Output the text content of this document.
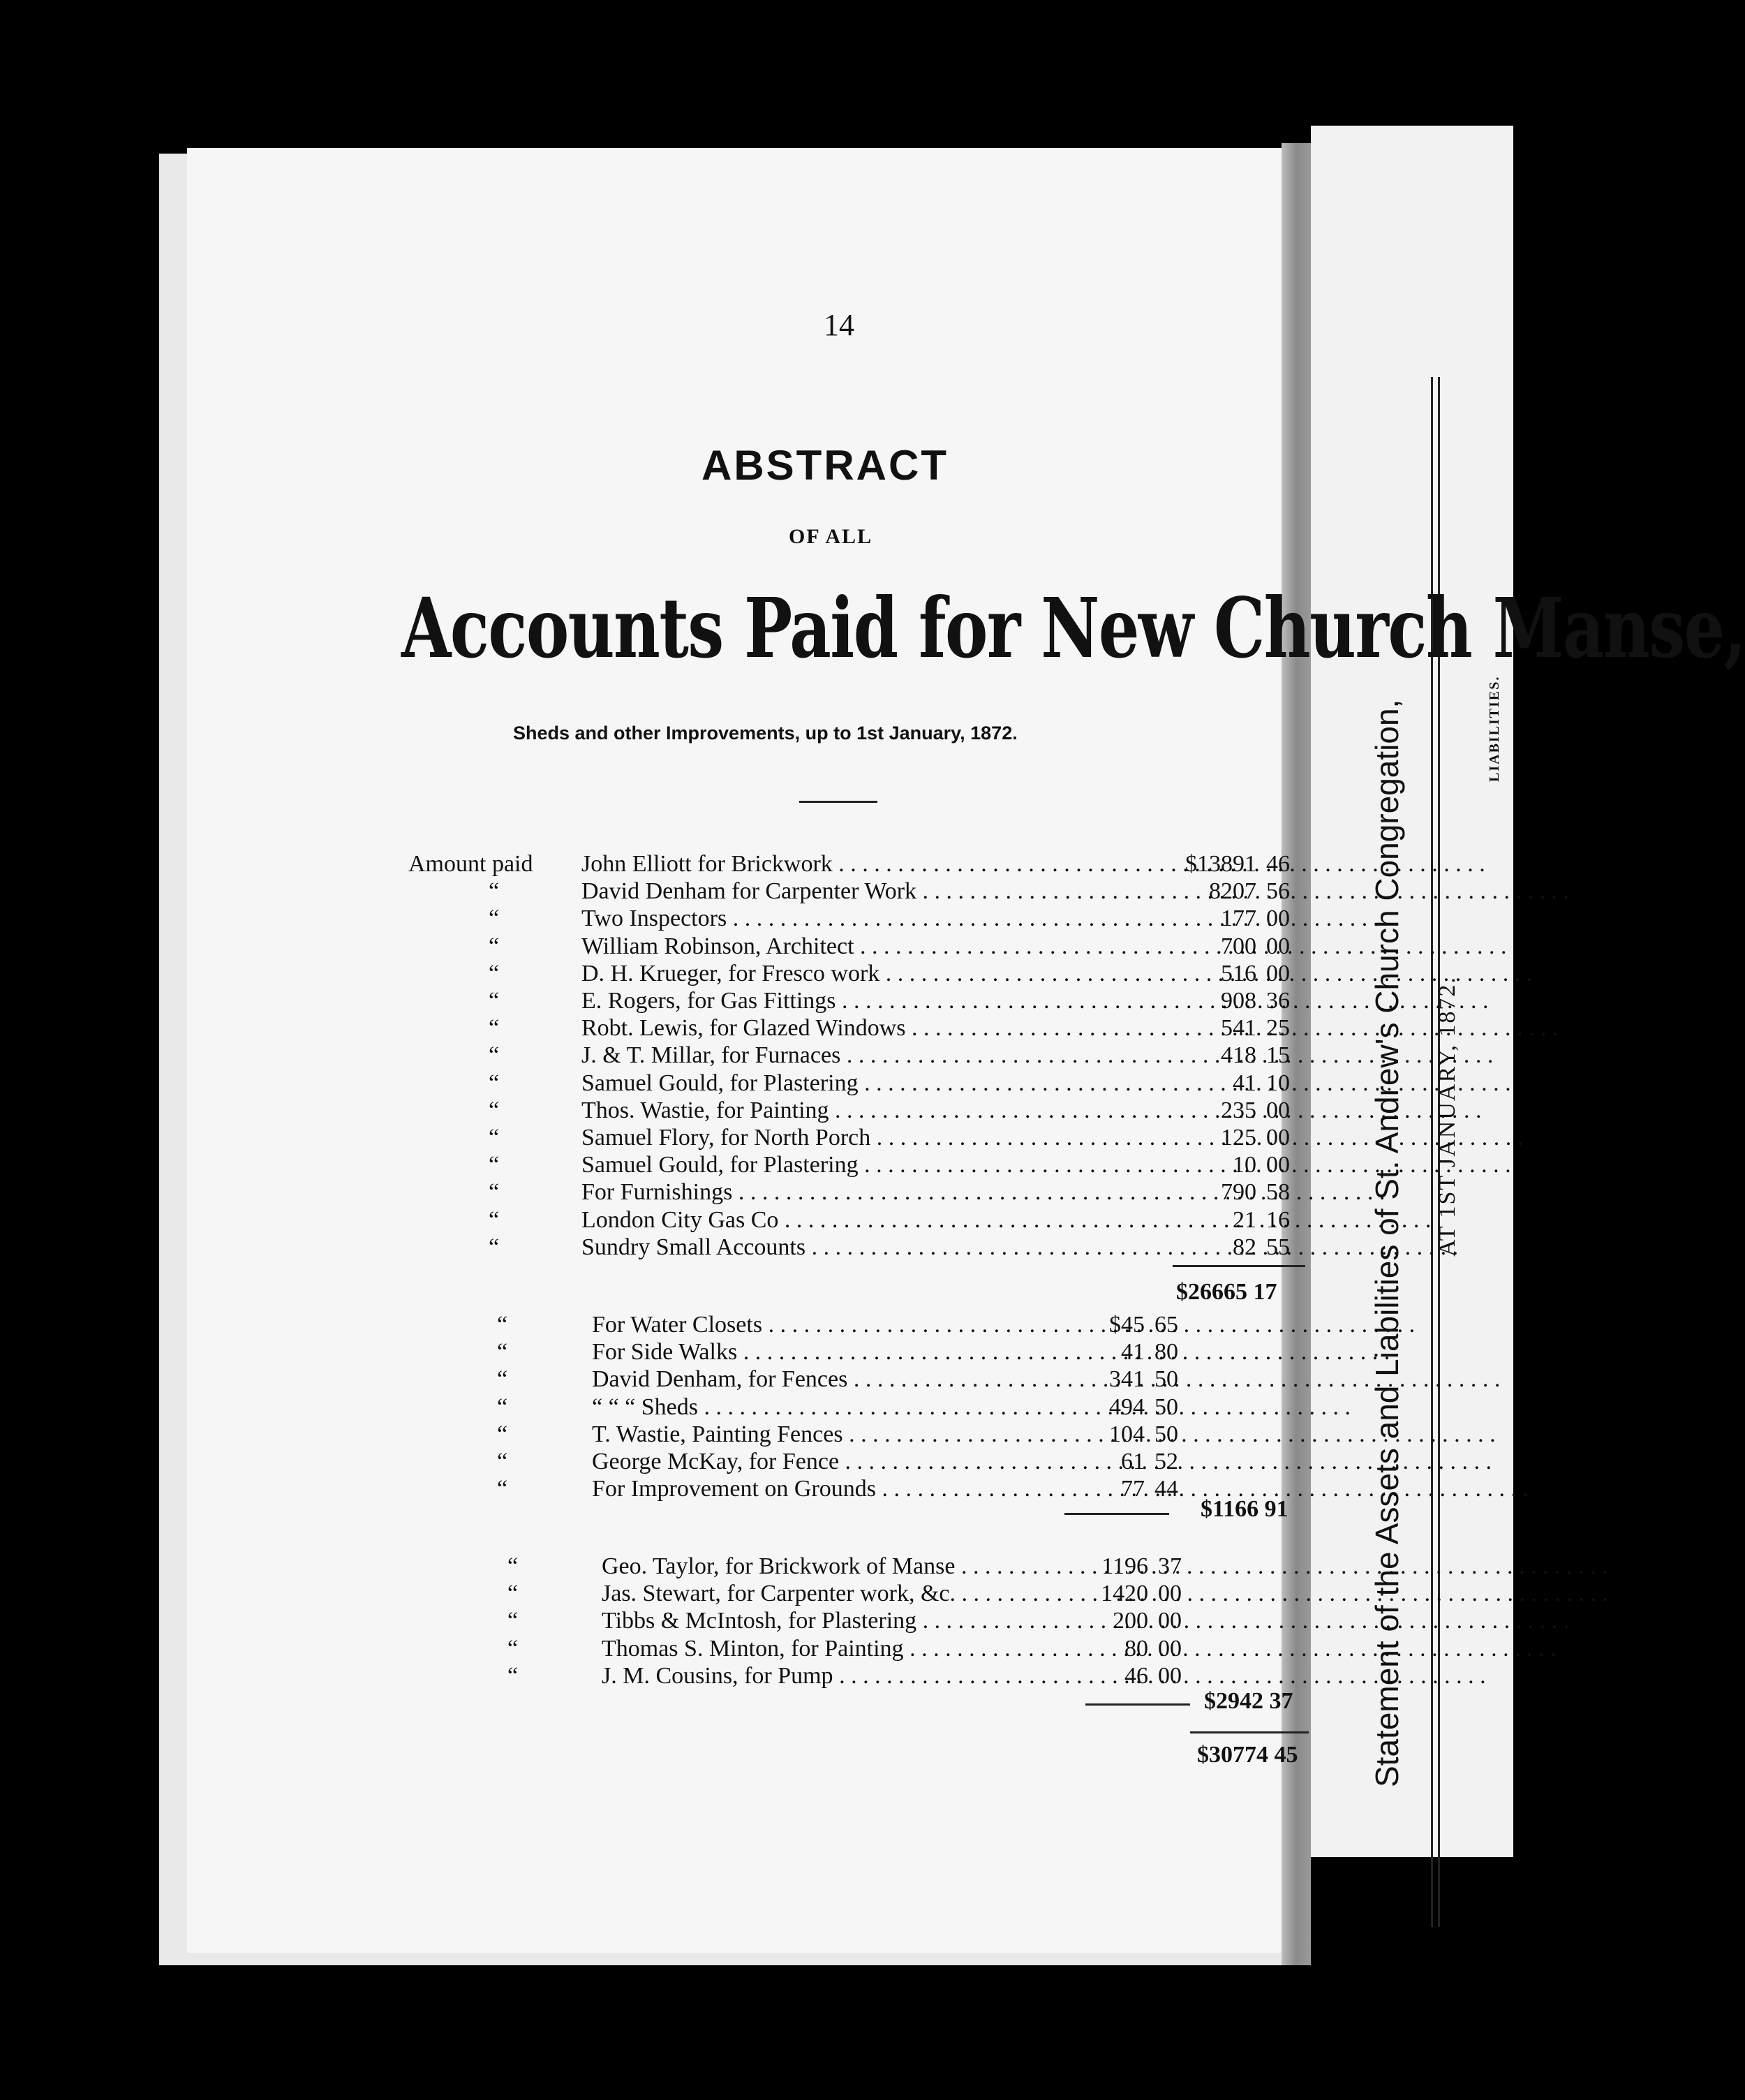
14
ABSTRACT
OF ALL
Accounts Paid for New Church Manse,
Sheds and other Improvements, up to 1st January, 1872.
Amount paid John Elliott for Brickwork . . .	$13891 46
“	David Denham for Carpenter Work . . .	8207 56
“	Two Inspectors . . .	177 00
“	William Robinson, Architect . . .	700 00
“	D. H. Krueger, for Fresco work . . .	516 00
“	E. Rogers, for Gas Fittings . . .	908 36
“	Robt. Lewis, for Glazed Windows . . .	541 25
“	J. & T. Millar, for Furnaces . . .	418 15
“	Samuel Gould, for Plastering . . .	41 10
“	Thos. Wastie, for Painting . . .	235 00
“	Samuel Flory, for North Porch . . .	125 00
“	Samuel Gould, for Plastering . . .	10 00
“	For Furnishings . . .	790 58
“	London City Gas Co . . .	21 16
“	Sundry Small Accounts . . .	82 55
$26665 17
“	For Water Closets . . .	$45 65
“	For Side Walks . . .	41 80
“	David Denham, for Fences . . .	341 50
“	“ “ “ Sheds . . .	494 50
“	T. Wastie, Painting Fences . . .	104 50
“	George McKay, for Fence . . .	61 52
“	For Improvement on Grounds . . .	77 44
$1166 91
“	Geo. Taylor, for Brickwork of Manse . . .	1196 37
“	Jas. Stewart, for Carpenter work, &c. . . .	1420 00
“	Tibbs & McIntosh, for Plastering . . .	200 00
“	Thomas S. Minton, for Painting . . .	80 00
“	J. M. Cousins, for Pump . . .	46 00
$2942 37
$30774 45 Statement of the Assets and Liabilities of St. Andrew's Church Congregation, AT 1ST JANUARY, 1872.
LIABILITIES.
